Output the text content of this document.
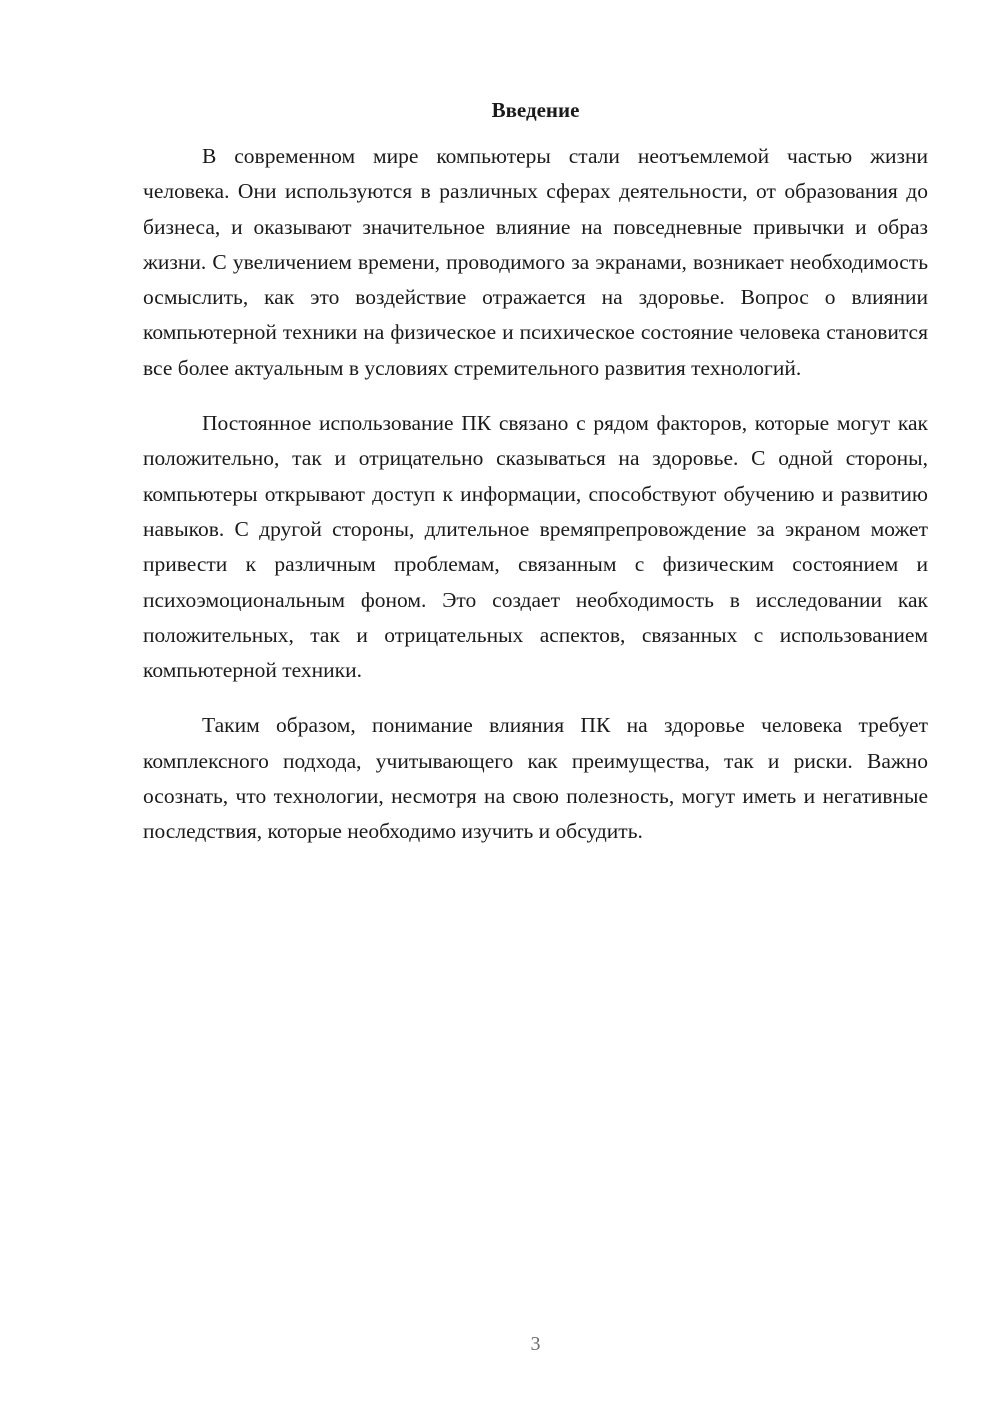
Введение

В современном мире компьютеры стали неотъемлемой частью жизни человека. Они используются в различных сферах деятельности, от образования до бизнеса, и оказывают значительное влияние на повседневные привычки и образ жизни. С увеличением времени, проводимого за экранами, возникает необходимость осмыслить, как это воздействие отражается на здоровье. Вопрос о влиянии компьютерной техники на физическое и психическое состояние человека становится все более актуальным в условиях стремительного развития технологий.

Постоянное использование ПК связано с рядом факторов, которые могут как положительно, так и отрицательно сказываться на здоровье. С одной стороны, компьютеры открывают доступ к информации, способствуют обучению и развитию навыков. С другой стороны, длительное времяпрепровождение за экраном может привести к различным проблемам, связанным с физическим состоянием и психоэмоциональным фоном. Это создает необходимость в исследовании как положительных, так и отрицательных аспектов, связанных с использованием компьютерной техники.

Таким образом, понимание влияния ПК на здоровье человека требует комплексного подхода, учитывающего как преимущества, так и риски. Важно осознать, что технологии, несмотря на свою полезность, могут иметь и негативные последствия, которые необходимо изучить и обсудить.

3
